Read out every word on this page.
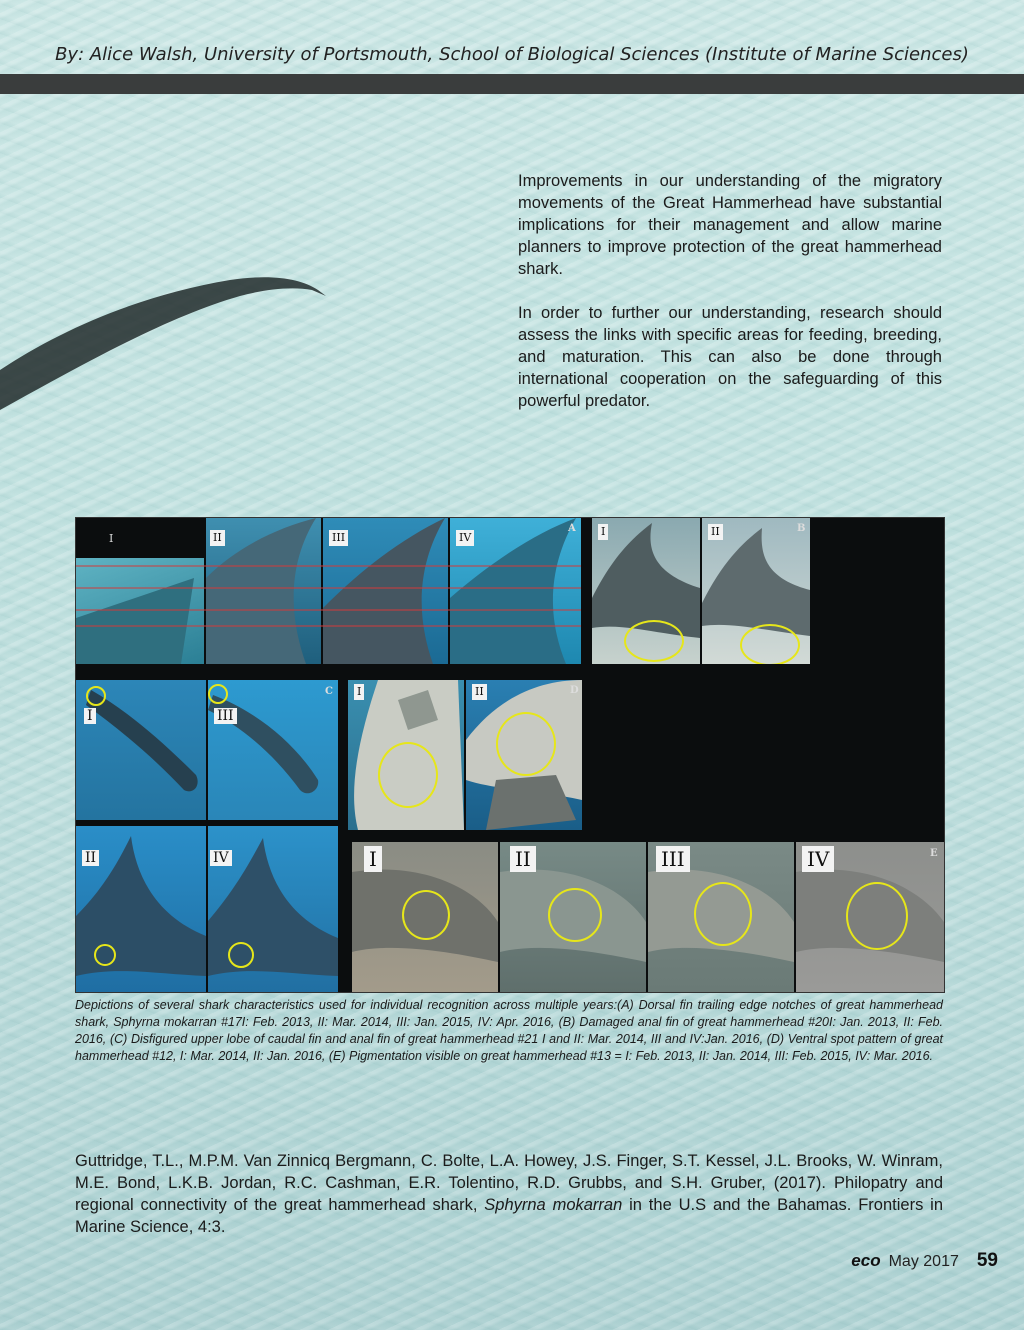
By: Alice Walsh, University of Portsmouth, School of Biological Sciences (Institute of Marine Sciences)

Improvements in our understanding of the migratory movements of the Great Hammerhead have substantial implications for their management and allow marine planners to improve protection of the great hammerhead shark.

In order to further our understanding, research should assess the links with specific areas for feeding, breeding, and maturation. This can also be done through international cooperation on the safeguarding of this powerful predator.

I	II	III	IV
A I	II	B
I	III
II	IV
C I	II	D
I	II	III	IV	E
Depictions of several shark characteristics used for individual recognition across multiple years:(A) Dorsal fin trailing edge notches of great hammerhead shark, Sphyrna mokarran #17I: Feb. 2013, II: Mar. 2014, III: Jan. 2015, IV: Apr. 2016, (B) Damaged anal fin of great hammerhead #20I: Jan. 2013, II: Feb. 2016, (C) Disfigured upper lobe of caudal fin and anal fin of great hammerhead #21 I and II: Mar. 2014, III and IV:Jan. 2016, (D) Ventral spot pattern of great hammerhead #12, I: Mar. 2014, II: Jan. 2016, (E) Pigmentation visible on great hammerhead #13 = I: Feb. 2013, II: Jan. 2014, III: Feb. 2015, IV: Mar. 2016.
Guttridge, T.L., M.P.M. Van Zinnicq Bergmann, C. Bolte, L.A. Howey, J.S. Finger, S.T. Kessel, J.L. Brooks, W. Winram, M.E. Bond, L.K.B. Jordan, R.C. Cashman, E.R. Tolentino, R.D. Grubbs, and S.H. Gruber, (2017). Philopatry and regional connectivity of the great hammerhead shark, Sphyrna mokarran in the U.S and the Bahamas. Frontiers in Marine Science, 4:3.
eco May 2017 59
